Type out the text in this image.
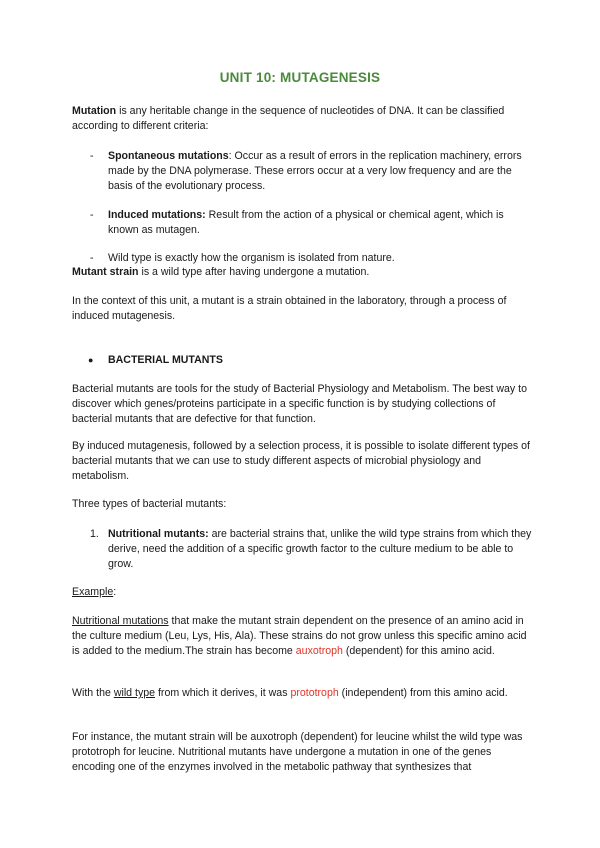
UNIT 10: MUTAGENESIS

Mutation is any heritable change in the sequence of nucleotides of DNA. It can be classified according to different criteria:

-	Spontaneous mutations: Occur as a result of errors in the replication machinery, errors made by the DNA polymerase. These errors occur at a very low frequency and are the basis of the evolutionary process.

-	Induced mutations: Result from the action of a physical or chemical agent, which is known as mutagen.

-	Wild type is exactly how the organism is isolated from nature.

Mutant strain is a wild type after having undergone a mutation.

In the context of this unit, a mutant is a strain obtained in the laboratory, through a process of induced mutagenesis.

●	BACTERIAL MUTANTS

Bacterial mutants are tools for the study of Bacterial Physiology and Metabolism. The best way to discover which genes/proteins participate in a specific function is by studying collections of bacterial mutants that are defective for that function.

By induced mutagenesis, followed by a selection process, it is possible to isolate different types of bacterial mutants that we can use to study different aspects of microbial physiology and metabolism.

Three types of bacterial mutants:

1. Nutritional mutants: are bacterial strains that, unlike the wild type strains from which they derive, need the addition of a specific growth factor to the culture medium to be able to grow.

Example:

Nutritional mutations that make the mutant strain dependent on the presence of an amino acid in the culture medium (Leu, Lys, His, Ala). These strains do not grow unless this specific amino acid is added to the medium.The strain has become auxotroph (dependent) for this amino acid.

With the wild type from which it derives, it was prototroph (independent) from this amino acid.

For instance, the mutant strain will be auxotroph (dependent) for leucine whilst the wild type was prototroph for leucine. Nutritional mutants have undergone a mutation in one of the genes encoding one of the enzymes involved in the metabolic pathway that synthesizes that
